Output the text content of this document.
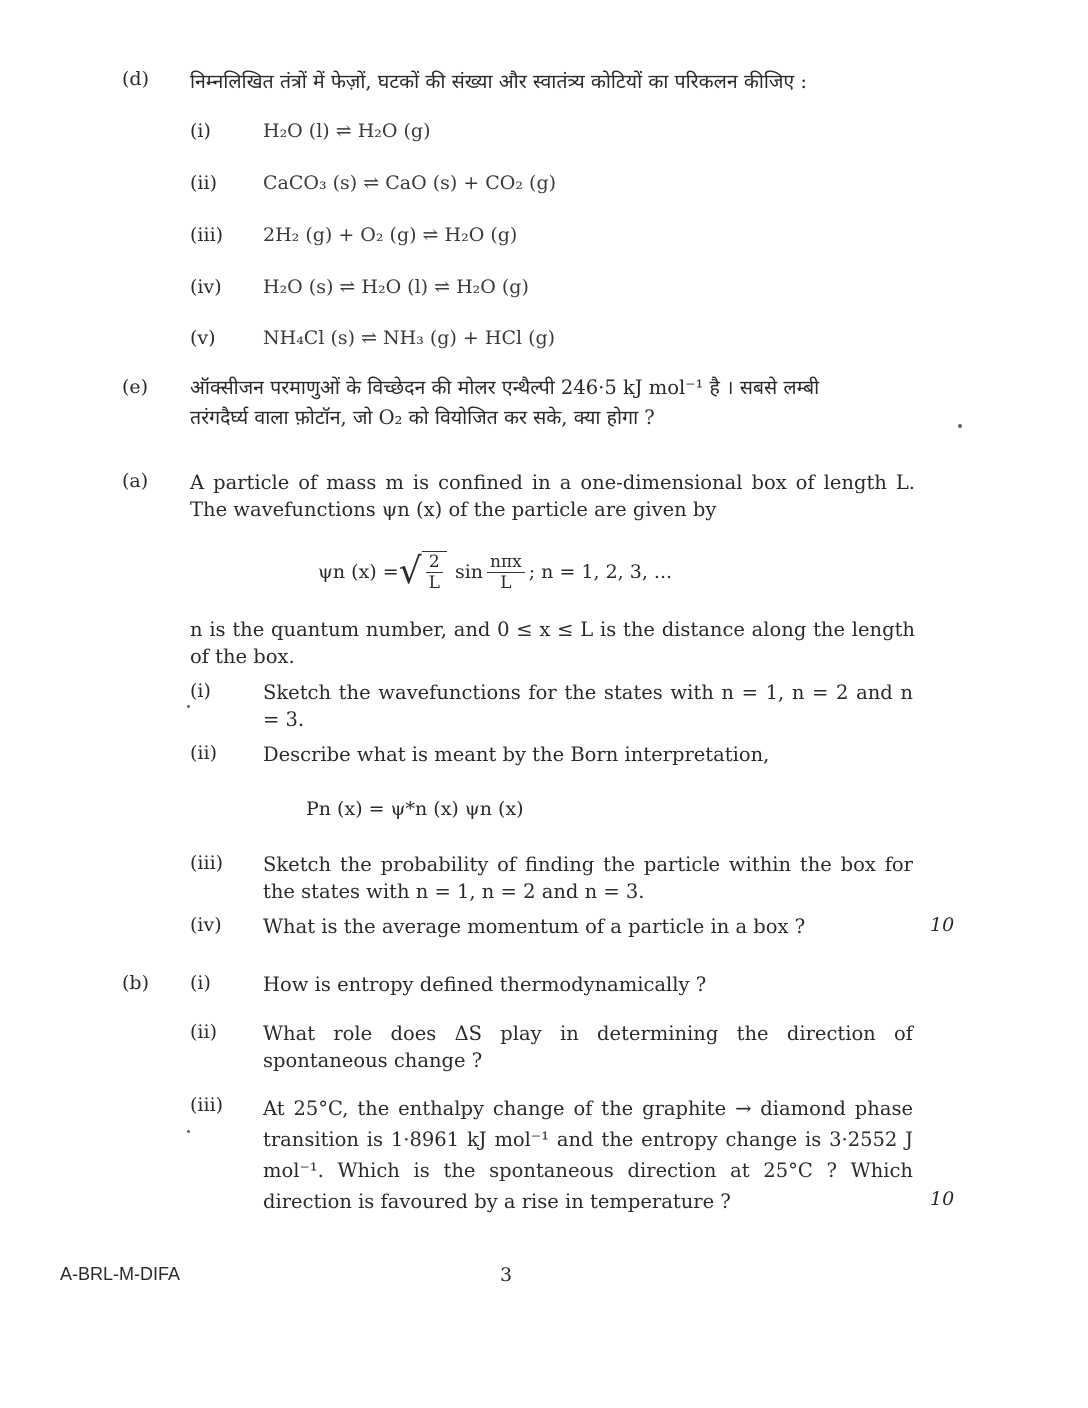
(d) निम्नलिखित तंत्रों में फेज़ों, घटकों की संख्या और स्वातंत्र्य कोटियों का परिकलन कीजिए :
(i)	H₂O (l) ⇌ H₂O (g)
(ii) CaCO₃ (s) ⇌ CaO (s) + CO₂ (g)
(iii) 2H₂ (g) + O₂ (g) ⇌ H₂O (g)
(iv) H₂O (s) ⇌ H₂O (l) ⇌ H₂O (g)
(v) NH₄Cl (s) ⇌ NH₃ (g) + HCl (g)
(e) ऑक्सीजन परमाणुओं के विच्छेदन की मोलर एन्थैल्पी 246·5 kJ mol⁻¹ है । सबसे लम्बी
तरंगदैर्घ्य वाला फ़ोटॉन, जो O₂ को वियोजित कर सके, क्या होगा ?
(a) A particle of mass m is confined in a one-dimensional box of length L. The wavefunctions ψn (x) of the particle are given by
ψn (x) = √ $\frac{2}{L}$ $\sin \frac{\text{nπx}}{L}$ ; n = 1, 2, 3, ...
n is the quantum number, and 0 ≤ x ≤ L is the distance along the length of the box.
(i)	Sketch the wavefunctions for the states with n = 1, n = 2 and n = 3.
(ii) Describe what is meant by the Born interpretation,
Pn (x) = ψ*n (x) ψn (x)
(iii) Sketch the probability of finding the particle within the box for the states with n = 1, n = 2 and n = 3.
(iv) What is the average momentum of a particle in a box ?	10
(b) (i)	How is entropy defined thermodynamically ?
(ii) What role does ΔS play in determining the direction of spontaneous change ?
(iii) At 25°C, the enthalpy change of the graphite → diamond phase transition is 1·8961 kJ mol⁻¹ and the entropy change is 3·2552 J mol⁻¹. Which is the spontaneous direction at 25°C ? Which direction is favoured by a rise in temperature ?	10
A-BRL-M-DIFA	3
